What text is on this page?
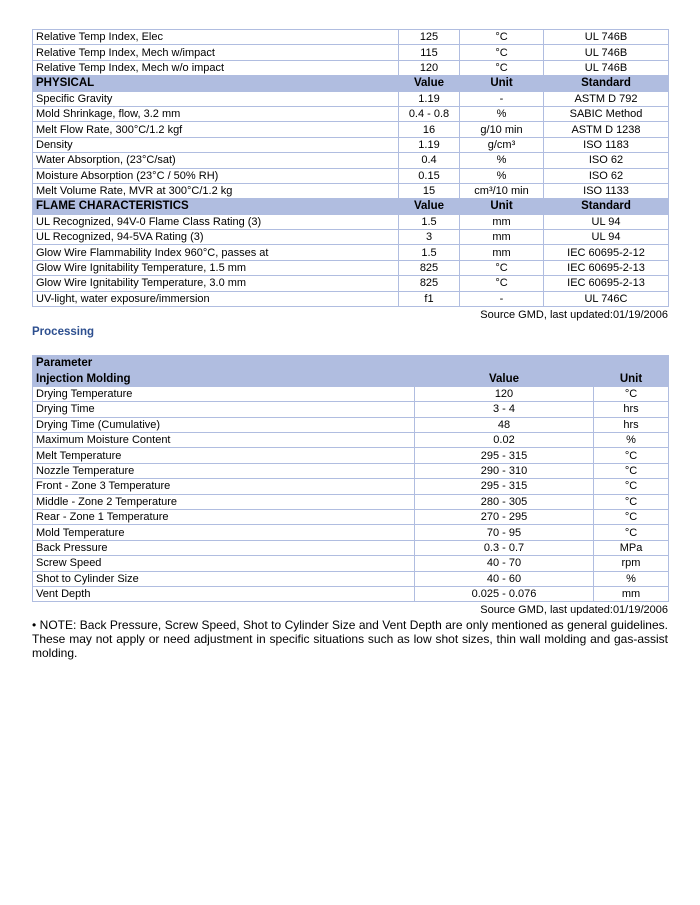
Relative Temp Index, Elec	125	°C	UL 746B
Relative Temp Index, Mech w/impact	115	°C	UL 746B
Relative Temp Index, Mech w/o impact	120	°C	UL 746B
PHYSICAL	Value	Unit	Standard
Specific Gravity	1.19	-	ASTM D 792
Mold Shrinkage, flow, 3.2 mm	0.4 - 0.8	%	SABIC Method
Melt Flow Rate, 300°C/1.2 kgf	16	g/10 min	ASTM D 1238
Density	1.19	g/cm³	ISO 1183
Water Absorption, (23°C/sat)	0.4	%	ISO 62
Moisture Absorption (23°C / 50% RH)	0.15	%	ISO 62
Melt Volume Rate, MVR at 300°C/1.2 kg	15	cm³/10 min	ISO 1133
FLAME CHARACTERISTICS	Value	Unit	Standard
UL Recognized, 94V-0 Flame Class Rating (3)	1.5	mm	UL 94
UL Recognized, 94-5VA Rating (3)	3	mm	UL 94
Glow Wire Flammability Index 960°C, passes at	1.5	mm	IEC 60695-2-12
Glow Wire Ignitability Temperature, 1.5 mm	825	°C	IEC 60695-2-13
Glow Wire Ignitability Temperature, 3.0 mm	825	°C	IEC 60695-2-13
UV-light, water exposure/immersion	f1	-	UL 746C
Source GMD, last updated:01/19/2006
Processing
Parameter		
Injection Molding	Value	Unit
Drying Temperature	120	°C
Drying Time	3 - 4	hrs
Drying Time (Cumulative)	48	hrs
Maximum Moisture Content	0.02	%
Melt Temperature	295 - 315	°C
Nozzle Temperature	290 - 310	°C
Front - Zone 3 Temperature	295 - 315	°C
Middle - Zone 2 Temperature	280 - 305	°C
Rear - Zone 1 Temperature	270 - 295	°C
Mold Temperature	70 - 95	°C
Back Pressure	0.3 - 0.7	MPa
Screw Speed	40 - 70	rpm
Shot to Cylinder Size	40 - 60	%
Vent Depth	0.025 - 0.076	mm
Source GMD, last updated:01/19/2006
• NOTE: Back Pressure, Screw Speed, Shot to Cylinder Size and Vent Depth are only mentioned as general guidelines. These may not apply or need adjustment in specific situations such as low shot sizes, thin wall molding and gas-assist molding.
